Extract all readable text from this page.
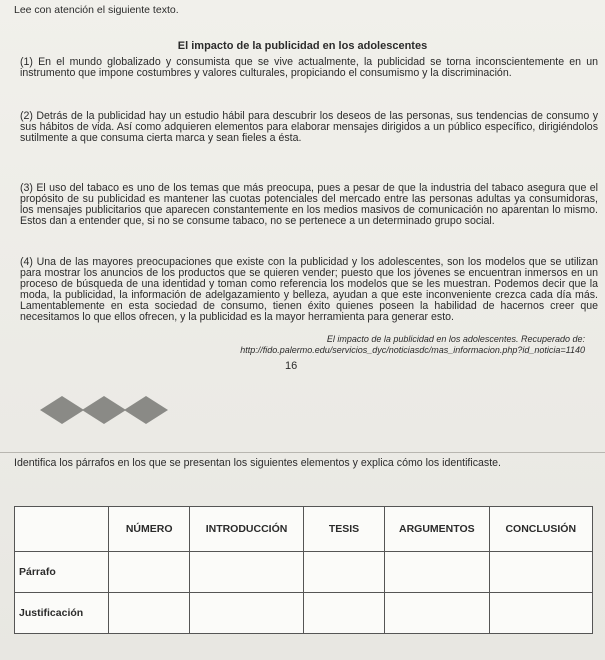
Lee con atención el siguiente texto.
El impacto de la publicidad en los adolescentes
(1) En el mundo globalizado y consumista que se vive actualmente, la publicidad se torna inconscientemente en un instrumento que impone costumbres y valores culturales, propiciando el consumismo y la discriminación.
(2) Detrás de la publicidad hay un estudio hábil para descubrir los deseos de las personas, sus tendencias de consumo y sus hábitos de vida. Así como adquieren elementos para elaborar mensajes dirigidos a un público específico, dirigiéndolos sutilmente a que consuma cierta marca y sean fieles a ésta.
(3) El uso del tabaco es uno de los temas que más preocupa, pues a pesar de que la industria del tabaco asegura que el propósito de su publicidad es mantener las cuotas potenciales del mercado entre las personas adultas ya consumidoras, los mensajes publicitarios que aparecen constantemente en los medios masivos de comunicación no aparentan lo mismo. Estos dan a entender que, si no se consume tabaco, no se pertenece a un determinado grupo social.
(4) Una de las mayores preocupaciones que existe con la publicidad y los adolescentes, son los modelos que se utilizan para mostrar los anuncios de los productos que se quieren vender; puesto que los jóvenes se encuentran inmersos en un proceso de búsqueda de una identidad y toman como referencia los modelos que se les muestran. Podemos decir que la moda, la publicidad, la información de adelgazamiento y belleza, ayudan a que este inconveniente crezca cada día más. Lamentablemente en esta sociedad de consumo, tienen éxito quienes poseen la habilidad de hacernos creer que necesitamos lo que ellos ofrecen, y la publicidad es la mayor herramienta para generar esto.
El impacto de la publicidad en los adolescentes. Recuperado de:
http://fido.palermo.edu/servicios_dyc/noticiasdc/mas_informacion.php?id_noticia=1140
16
Identifica los párrafos en los que se presentan los siguientes elementos y explica cómo los identificaste.
	NÚMERO	INTRODUCCIÓN	TESIS	ARGUMENTOS	CONCLUSIÓN
Párrafo					
Justificación					
